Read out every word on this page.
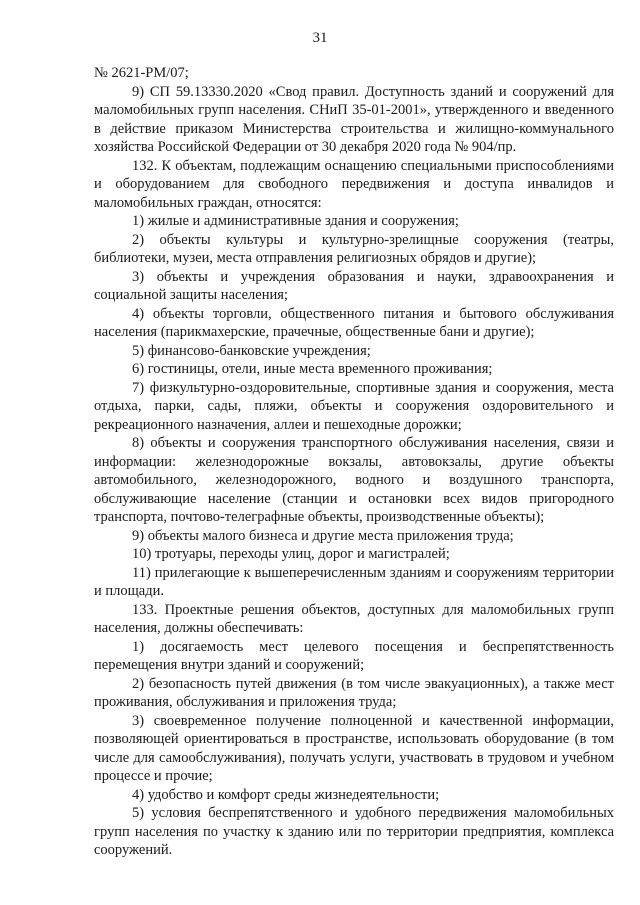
31

№ 2621-РМ/07;

9) СП 59.13330.2020 «Свод правил. Доступность зданий и сооружений для маломобильных групп населения. СНиП 35-01-2001», утвержденного и введенного в действие приказом Министерства строительства и жилищно-коммунального хозяйства Российской Федерации от 30 декабря 2020 года № 904/пр.

132. К объектам, подлежащим оснащению специальными приспособлениями и оборудованием для свободного передвижения и доступа инвалидов и маломобильных граждан, относятся:

1) жилые и административные здания и сооружения;

2) объекты культуры и культурно-зрелищные сооружения (театры, библиотеки, музеи, места отправления религиозных обрядов и другие);

3) объекты и учреждения образования и науки, здравоохранения и социальной защиты населения;

4) объекты торговли, общественного питания и бытового обслуживания населения (парикмахерские, прачечные, общественные бани и другие);

5) финансово-банковские учреждения;

6) гостиницы, отели, иные места временного проживания;

7) физкультурно-оздоровительные, спортивные здания и сооружения, места отдыха, парки, сады, пляжи, объекты и сооружения оздоровительного и рекреационного назначения, аллеи и пешеходные дорожки;

8) объекты и сооружения транспортного обслуживания населения, связи и информации: железнодорожные вокзалы, автовокзалы, другие объекты автомобильного, железнодорожного, водного и воздушного транспорта, обслуживающие население (станции и остановки всех видов пригородного транспорта, почтово-телеграфные объекты, производственные объекты);

9) объекты малого бизнеса и другие места приложения труда;

10) тротуары, переходы улиц, дорог и магистралей;

11) прилегающие к вышеперечисленным зданиям и сооружениям территории и площади.

133. Проектные решения объектов, доступных для маломобильных групп населения, должны обеспечивать:

1) досягаемость мест целевого посещения и беспрепятственность перемещения внутри зданий и сооружений;

2) безопасность путей движения (в том числе эвакуационных), а также мест проживания, обслуживания и приложения труда;

3) своевременное получение полноценной и качественной информации, позволяющей ориентироваться в пространстве, использовать оборудование (в том числе для самообслуживания), получать услуги, участвовать в трудовом и учебном процессе и прочие;

4) удобство и комфорт среды жизнедеятельности;

5) условия беспрепятственного и удобного передвижения маломобильных групп населения по участку к зданию или по территории предприятия, комплекса сооружений.
